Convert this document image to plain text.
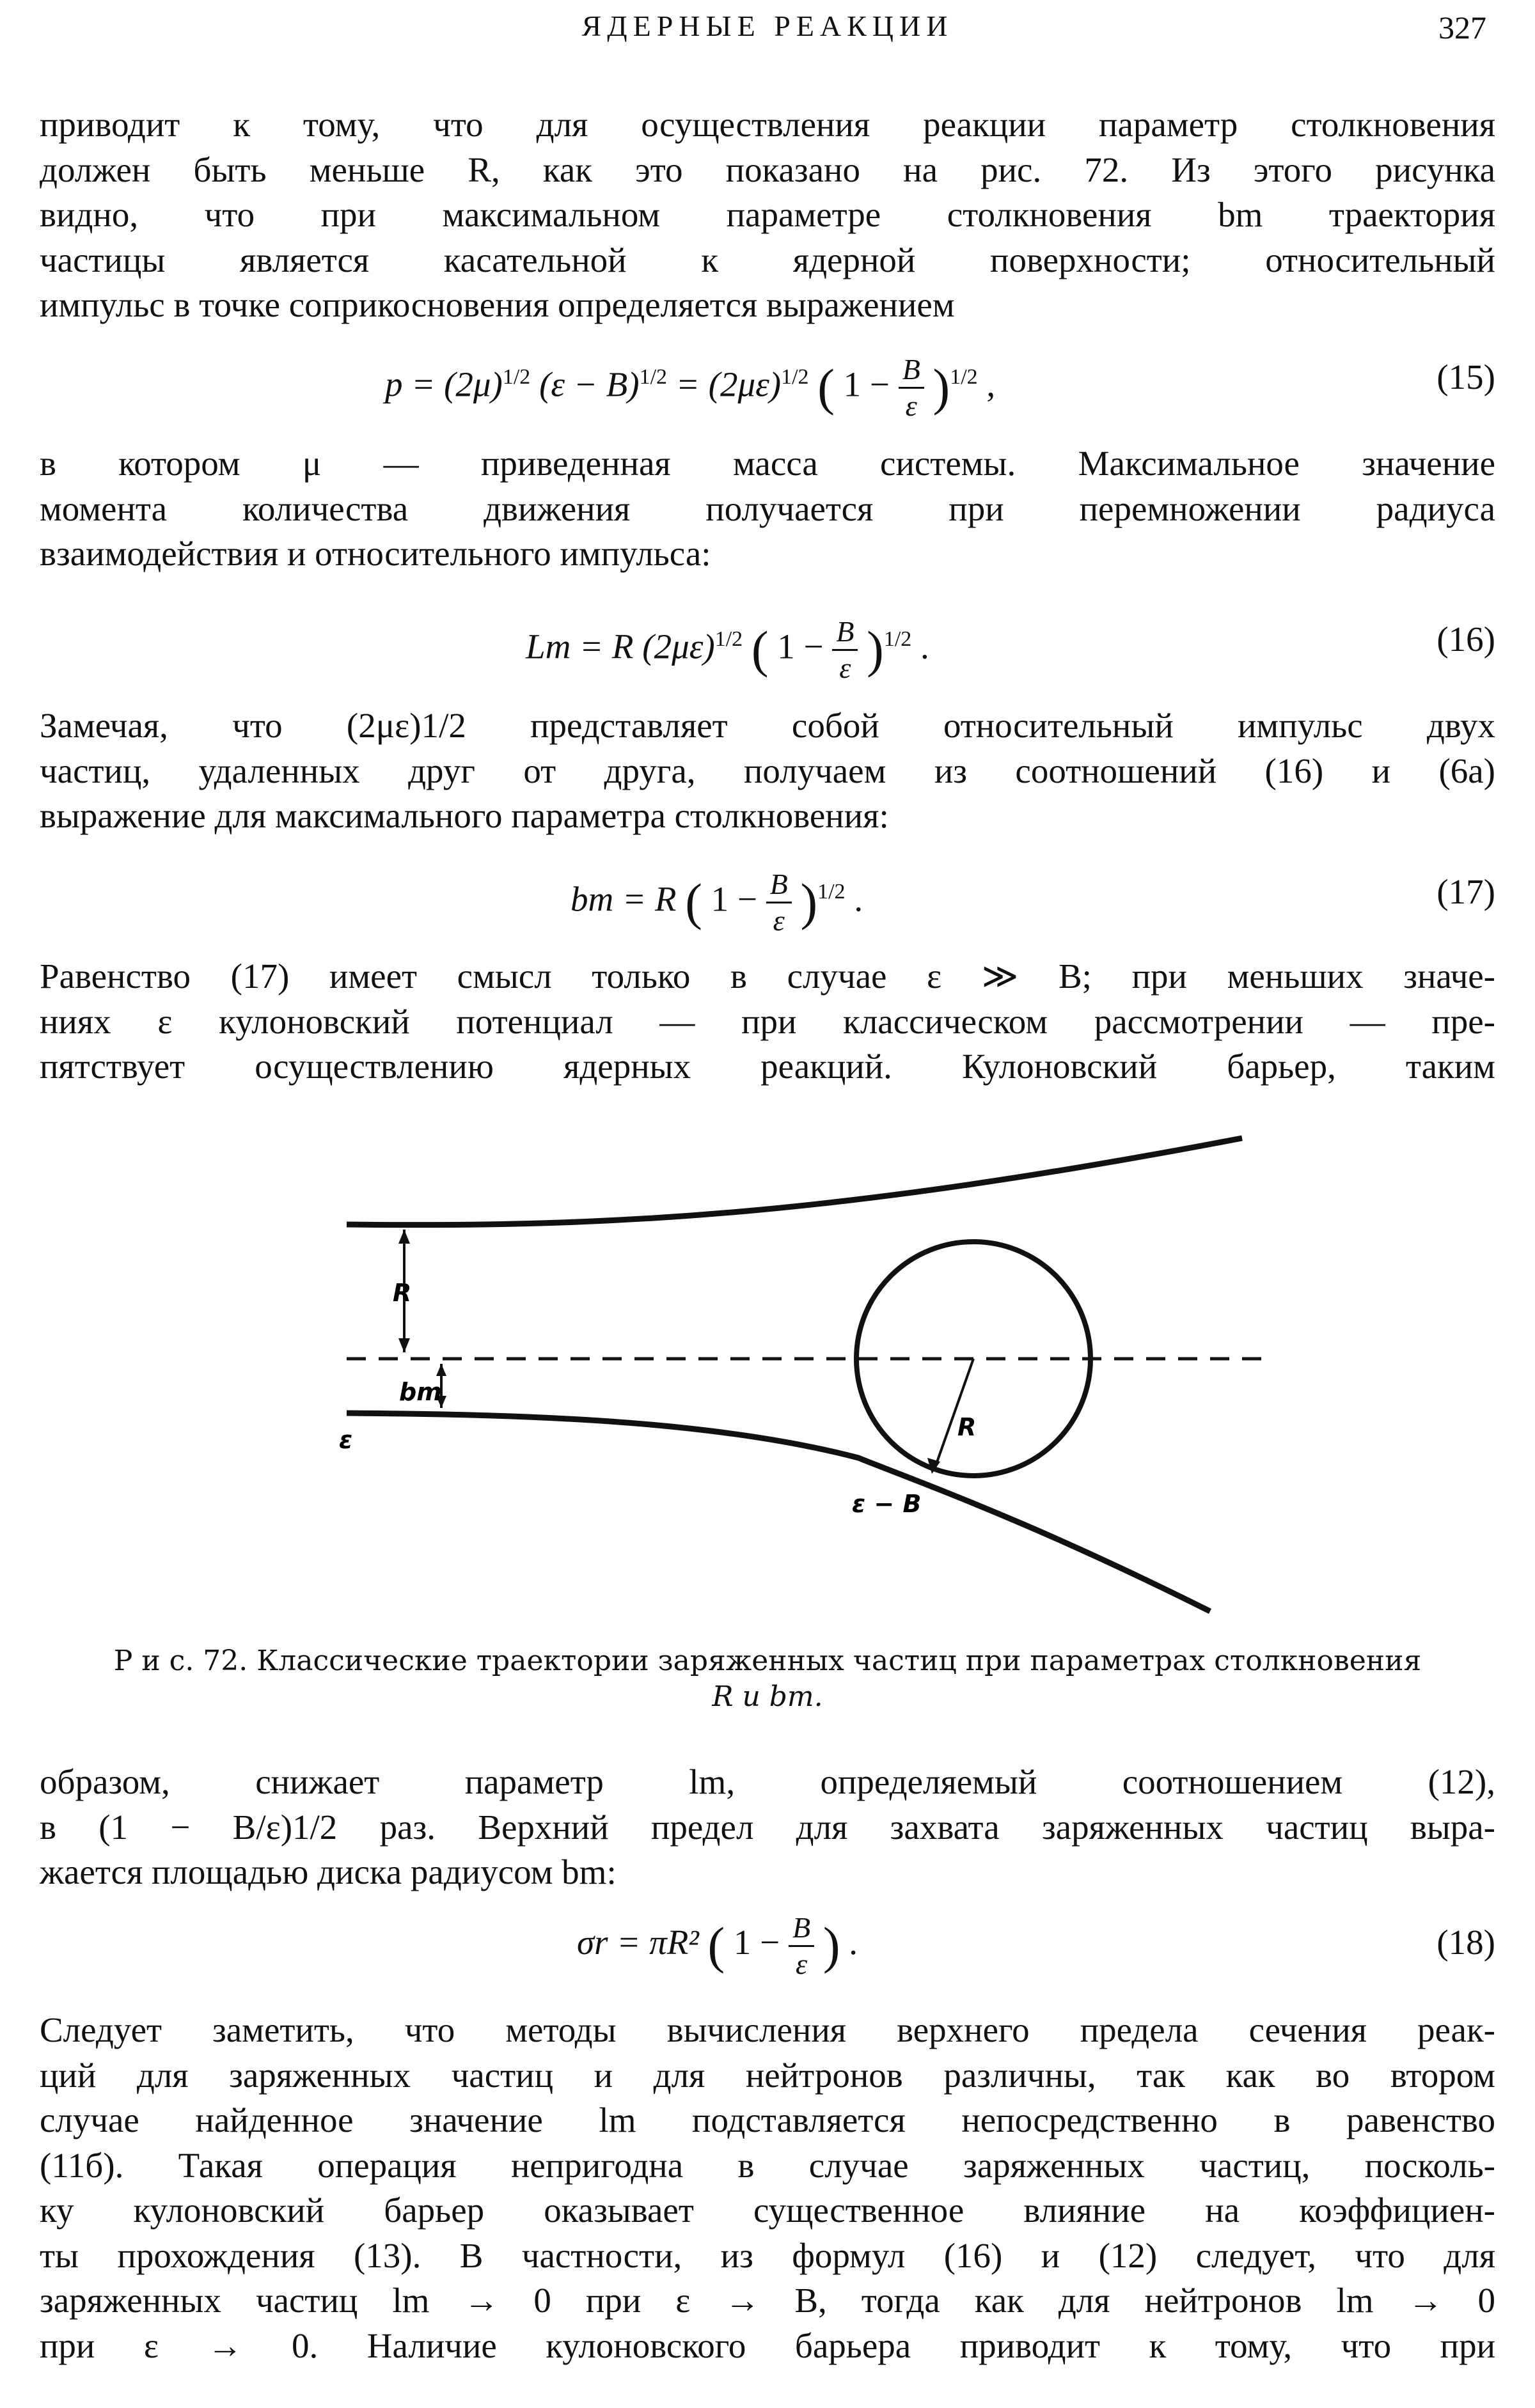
ЯДЕРНЫЕ РЕАКЦИИ	327

приводит к тому, что для осуществления реакции параметр столкновения
должен быть меньше R, как это показано на рис. 72. Из этого рисунка
видно, что при максимальном параметре столкновения bm траектория
частицы является касательной к ядерной поверхности; относительный
импульс в точке соприкосновения определяется выражением

$p = (2\mu)^{1/2}$ $(\varepsilon - B)^{1/2} = (2\mu\varepsilon)^{1/2}$ ( $1 - \frac{B}{\varepsilon} )^{1/2}$ ,	(15)

в котором μ — приведенная масса системы. Максимальное значение
момента количества движения получается при перемножении радиуса
взаимодействия и относительного импульса:

Lm = R $(2\mu\varepsilon)^{1/2}$ ( $1 - \frac{B}{\varepsilon} )^{1/2}$ .	(16)

Замечая, что (2με)1/2 представляет собой относительный импульс двух
частиц, удаленных друг от друга, получаем из соотношений (16) и (6а)
выражение для максимального параметра столкновения:

bm = R ( $1 - \frac{B}{\varepsilon} )^{1/2}$ .	(17)

Равенство (17) имеет смысл только в случае ε ≫ B; при меньших значе-
ниях ε кулоновский потенциал — при классическом рассмотрении — пре-
пятствует осуществлению ядерных реакций. Кулоновский барьер, таким

R
bm
ε	R
ε − B
Р и с. 72. Классические траектории заряженных частиц при параметрах столкновения
R и bm.

образом, снижает параметр lm, определяемый соотношением (12),
в (1 − B/ε)1/2 раз. Верхний предел для захвата заряженных частиц выра-
жается площадью диска радиусом bm:

σr = πR² ( $1 - \frac{B}{\varepsilon}$ ) .	(18)

Следует заметить, что методы вычисления верхнего предела сечения реак-
ций для заряженных частиц и для нейтронов различны, так как во втором
случае найденное значение lm подставляется непосредственно в равенство
(11б). Такая операция непригодна в случае заряженных частиц, посколь-
ку кулоновский барьер оказывает существенное влияние на коэффициен-
ты прохождения (13). В частности, из формул (16) и (12) следует, что для
заряженных частиц lm → 0 при ε → B, тогда как для нейтронов lm → 0
при ε → 0. Наличие кулоновского барьера приводит к тому, что при
